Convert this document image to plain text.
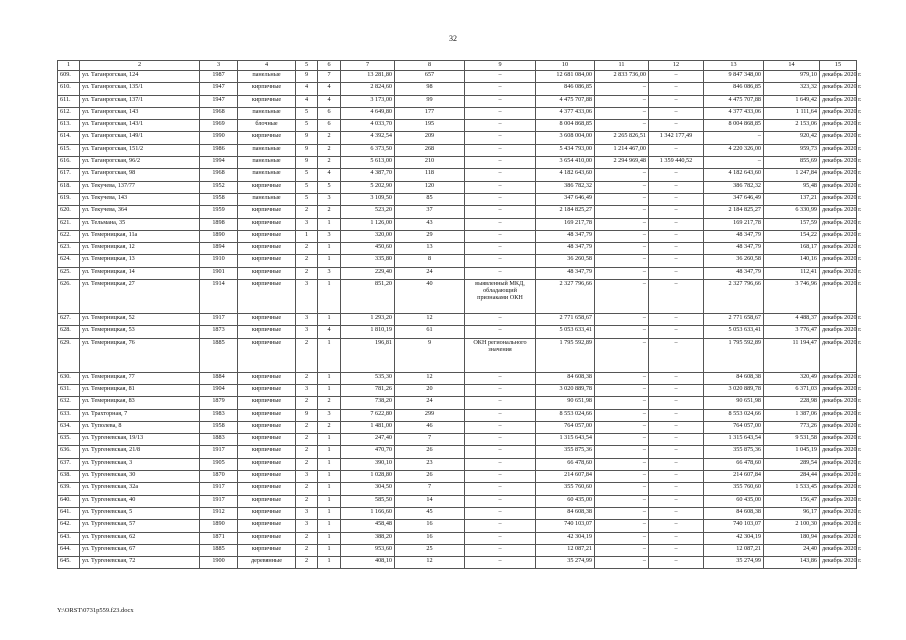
32
1	2	3	4	5	6	7	8	9	10	11	12	13	14	15
609.	ул. Таганрогская, 124	1987	панельные	9	7	13 281,80	657	–	12 681 084,00	2 833 736,00	–	9 847 348,00	979,10	декабрь 2020 г.
610.	ул. Таганрогская, 135/1	1947	кирпичные	4	4	2 824,60	98	–	846 086,85	–	–	846 086,85	323,32	декабрь 2020 г.
611.	ул. Таганрогская, 137/1	1947	кирпичные	4	4	3 173,00	99	–	4 475 707,88	–	–	4 475 707,88	1 649,42	декабрь 2020 г.
612.	ул. Таганрогская, 143	1968	панельные	5	6	4 649,80	177	–	4 377 433,06	–	–	4 377 433,06	1 111,64	декабрь 2020 г.
613.	ул. Таганрогская, 143/1	1969	блочные	5	6	4 033,70	195	–	8 004 868,85	–	–	8 004 868,85	2 153,06	декабрь 2020 г.
614.	ул. Таганрогская, 149/1	1990	кирпичные	9	2	4 392,54	209	–	3 608 004,00	2 265 826,51	1 342 177,49	–	920,42	декабрь 2020 г.
615.	ул. Таганрогская, 151/2	1986	панельные	9	2	6 373,50	268	–	5 434 793,00	1 214 467,00	–	4 220 326,00	959,73	декабрь 2020 г.
616.	ул. Таганрогская, 96/2	1994	панельные	9	2	5 613,00	210	–	3 654 410,00	2 294 969,48	1 359 440,52	–	855,69	декабрь 2020 г.
617.	ул. Таганрогская, 98	1968	панельные	5	4	4 387,70	118	–	4 182 643,60	–	–	4 182 643,60	1 247,84	декабрь 2020 г.
618.	ул. Текучева, 137/77	1952	кирпичные	5	5	5 202,90	120	–	386 782,32	–	–	386 782,32	95,48	декабрь 2020 г.
619.	ул. Текучева, 143	1958	панельные	5	3	3 109,50	85	–	347 646,49	–	–	347 646,49	137,21	декабрь 2020 г.
620.	ул. Текучева, 364	1959	кирпичные	2	2	523,20	37	–	2 184 825,27	–	–	2 184 825,27	6 330,99	декабрь 2020 г.
621.	ул. Тельмана, 35	1898	кирпичные	3	1	1 126,00	43	–	169 217,78	–	–	169 217,78	157,59	декабрь 2020 г.
622.	ул. Темерницкая, 11а	1890	кирпичные	1	3	320,00	29	–	48 347,79	–	–	48 347,79	154,22	декабрь 2020 г.
623.	ул. Темерницкая, 12	1894	кирпичные	2	1	450,60	13	–	48 347,79	–	–	48 347,79	168,17	декабрь 2020 г.
624.	ул. Темерницкая, 13	1910	кирпичные	2	1	335,80	8	–	36 260,58	–	–	36 260,58	140,16	декабрь 2020 г.
625.	ул. Темерницкая, 14	1901	кирпичные	2	3	229,40	24	–	48 347,79	–	–	48 347,79	112,41	декабрь 2020 г.
626.	ул. Темерницкая, 27	1914	кирпичные	3	1	851,20	40	выявленный МКД, обладающий признаками ОКН	2 327 796,66	–	–	2 327 796,66	3 746,96	декабрь 2020 г.
627.	ул. Темерницкая, 52	1917	кирпичные	3	1	1 293,20	12	–	2 771 658,67	–	–	2 771 658,67	4 488,37	декабрь 2020 г.
628.	ул. Темерницкая, 53	1873	кирпичные	3	4	1 810,19	61	–	5 053 633,41	–	–	5 053 633,41	3 776,47	декабрь 2020 г.
629.	ул. Темерницкая, 76	1885	кирпичные	2	1	196,81	9	ОКН регионального значения	1 795 592,89	–	–	1 795 592,89	11 194,47	декабрь 2020 г.
630.	ул. Темерницкая, 77	1884	кирпичные	2	1	535,30	12	–	84 608,38	–	–	84 608,38	320,49	декабрь 2020 г.
631.	ул. Темерницкая, 81	1904	кирпичные	3	1	781,26	20	–	3 020 889,78	–	–	3 020 889,78	6 371,03	декабрь 2020 г.
632.	ул. Темерницкая, 83	1879	кирпичные	2	2	738,20	24	–	90 651,98	–	–	90 651,98	228,98	декабрь 2020 г.
633.	ул. Трахторная, 7	1983	кирпичные	9	3	7 622,80	299	–	8 553 024,66	–	–	8 553 024,66	1 387,06	декабрь 2020 г.
634.	ул. Туполева, 8	1958	кирпичные	2	2	1 481,00	46	–	764 057,00	–	–	764 057,00	773,26	декабрь 2020 г.
635.	ул. Тургеневская, 19/13	1883	кирпичные	2	1	247,40	7	–	1 315 643,54	–	–	1 315 643,54	9 531,58	декабрь 2020 г.
636.	ул. Тургеневская, 21/8	1917	кирпичные	2	1	470,70	26	–	355 875,36	–	–	355 875,36	1 045,19	декабрь 2020 г.
637.	ул. Тургеневская, 3	1905	кирпичные	2	1	390,10	23	–	66 478,60	–	–	66 478,60	289,54	декабрь 2020 г.
638.	ул. Тургеневская, 30	1870	кирпичные	3	1	1 028,80	26	–	214 607,84	–	–	214 607,84	284,44	декабрь 2020 г.
639.	ул. Тургеневская, 32а	1917	кирпичные	2	1	304,50	7	–	355 760,60	–	–	355 760,60	1 533,45	декабрь 2020 г.
640.	ул. Тургеневская, 40	1917	кирпичные	2	1	585,50	14	–	60 435,00	–	–	60 435,00	156,47	декабрь 2020 г.
641.	ул. Тургеневская, 5	1912	кирпичные	3	1	1 166,60	45	–	84 608,38	–	–	84 608,38	96,17	декабрь 2020 г.
642.	ул. Тургеневская, 57	1890	кирпичные	3	1	458,48	16	–	740 103,07	–	–	740 103,07	2 100,30	декабрь 2020 г.
643.	ул. Тургеневская, 62	1871	кирпичные	2	1	388,20	16	–	42 304,19	–	–	42 304,19	180,94	декабрь 2020 г.
644.	ул. Тургеневская, 67	1885	кирпичные	2	1	953,60	25	–	12 087,21	–	–	12 087,21	24,40	декабрь 2020 г.
645.	ул. Тургеневская, 72	1900	деревянные	2	1	408,10	12	–	35 274,99	–	–	35 274,99	143,86	декабрь 2020 г.
Y:\ORST\0731p559.f23.docx
